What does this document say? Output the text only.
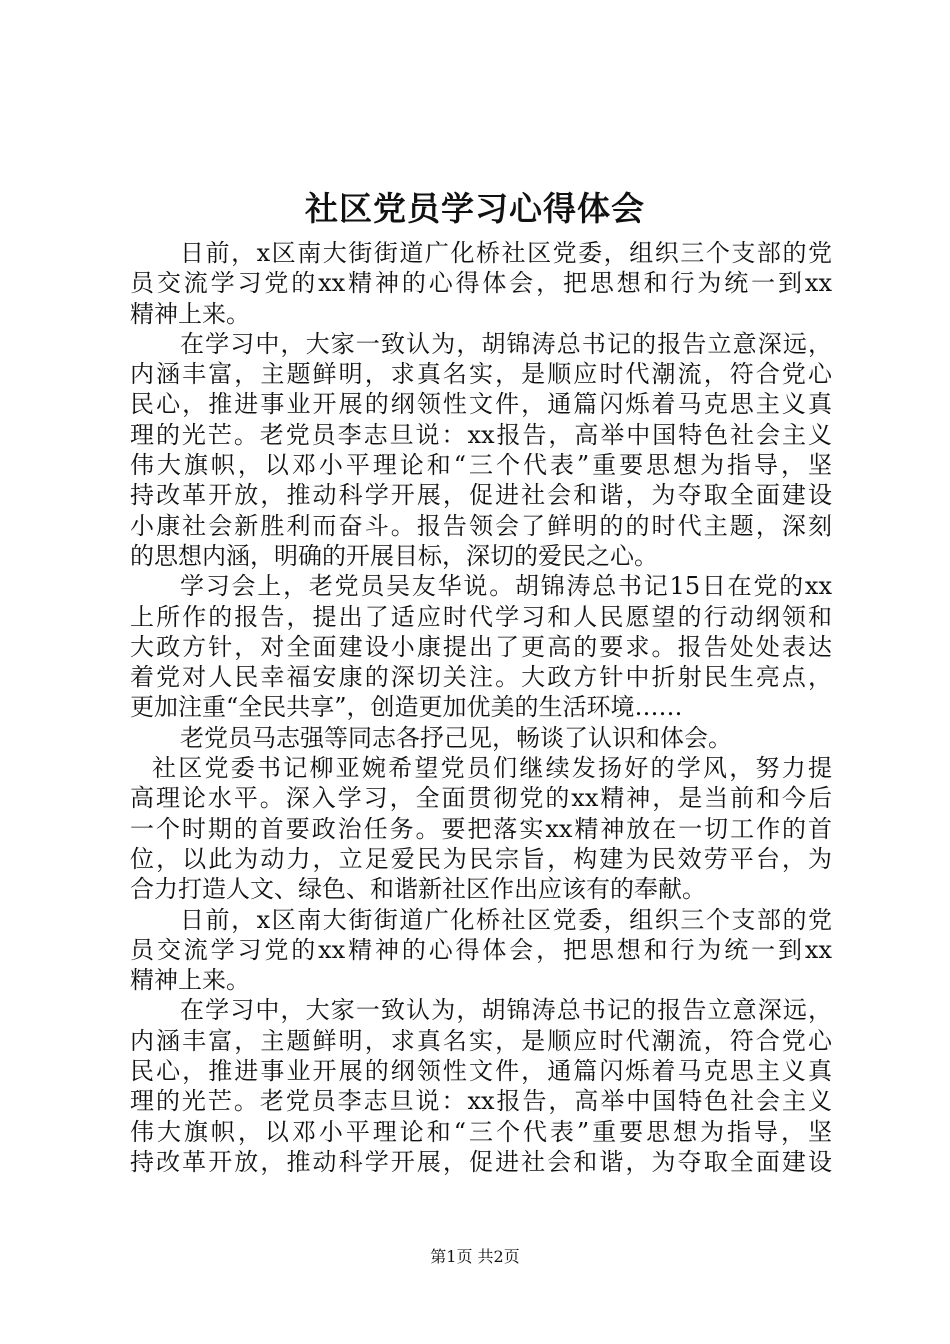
社区党员学习心得体会
日前，x区南大街街道广化桥社区党委，组织三个支部的党
员交流学习党的xx精神的心得体会，把思想和行为统一到xx
精神上来。
在学习中，大家一致认为，胡锦涛总书记的报告立意深远，
内涵丰富，主题鲜明，求真名实，是顺应时代潮流，符合党心
民心，推进事业开展的纲领性文件，通篇闪烁着马克思主义真
理的光芒。老党员李志旦说：xx报告，高举中国特色社会主义
伟大旗帜，以邓小平理论和“三个代表”重要思想为指导，坚
持改革开放，推动科学开展，促进社会和谐，为夺取全面建设
小康社会新胜利而奋斗。报告领会了鲜明的的时代主题，深刻
的思想内涵，明确的开展目标，深切的爱民之心。
学习会上，老党员吴友华说。胡锦涛总书记15日在党的xx
上所作的报告，提出了适应时代学习和人民愿望的行动纲领和
大政方针，对全面建设小康提出了更高的要求。报告处处表达
着党对人民幸福安康的深切关注。大政方针中折射民生亮点，
更加注重“全民共享”，创造更加优美的生活环境……
老党员马志强等同志各抒己见，畅谈了认识和体会。
社区党委书记柳亚婉希望党员们继续发扬好的学风，努力提
高理论水平。深入学习，全面贯彻党的xx精神，是当前和今后
一个时期的首要政治任务。要把落实xx精神放在一切工作的首
位，以此为动力，立足爱民为民宗旨，构建为民效劳平台，为
合力打造人文、绿色、和谐新社区作出应该有的奉献。
日前，x区南大街街道广化桥社区党委，组织三个支部的党
员交流学习党的xx精神的心得体会，把思想和行为统一到xx
精神上来。
在学习中，大家一致认为，胡锦涛总书记的报告立意深远，
内涵丰富，主题鲜明，求真名实，是顺应时代潮流，符合党心
民心，推进事业开展的纲领性文件，通篇闪烁着马克思主义真
理的光芒。老党员李志旦说：xx报告，高举中国特色社会主义
伟大旗帜，以邓小平理论和“三个代表”重要思想为指导，坚
持改革开放，推动科学开展，促进社会和谐，为夺取全面建设
第1页 共2页
